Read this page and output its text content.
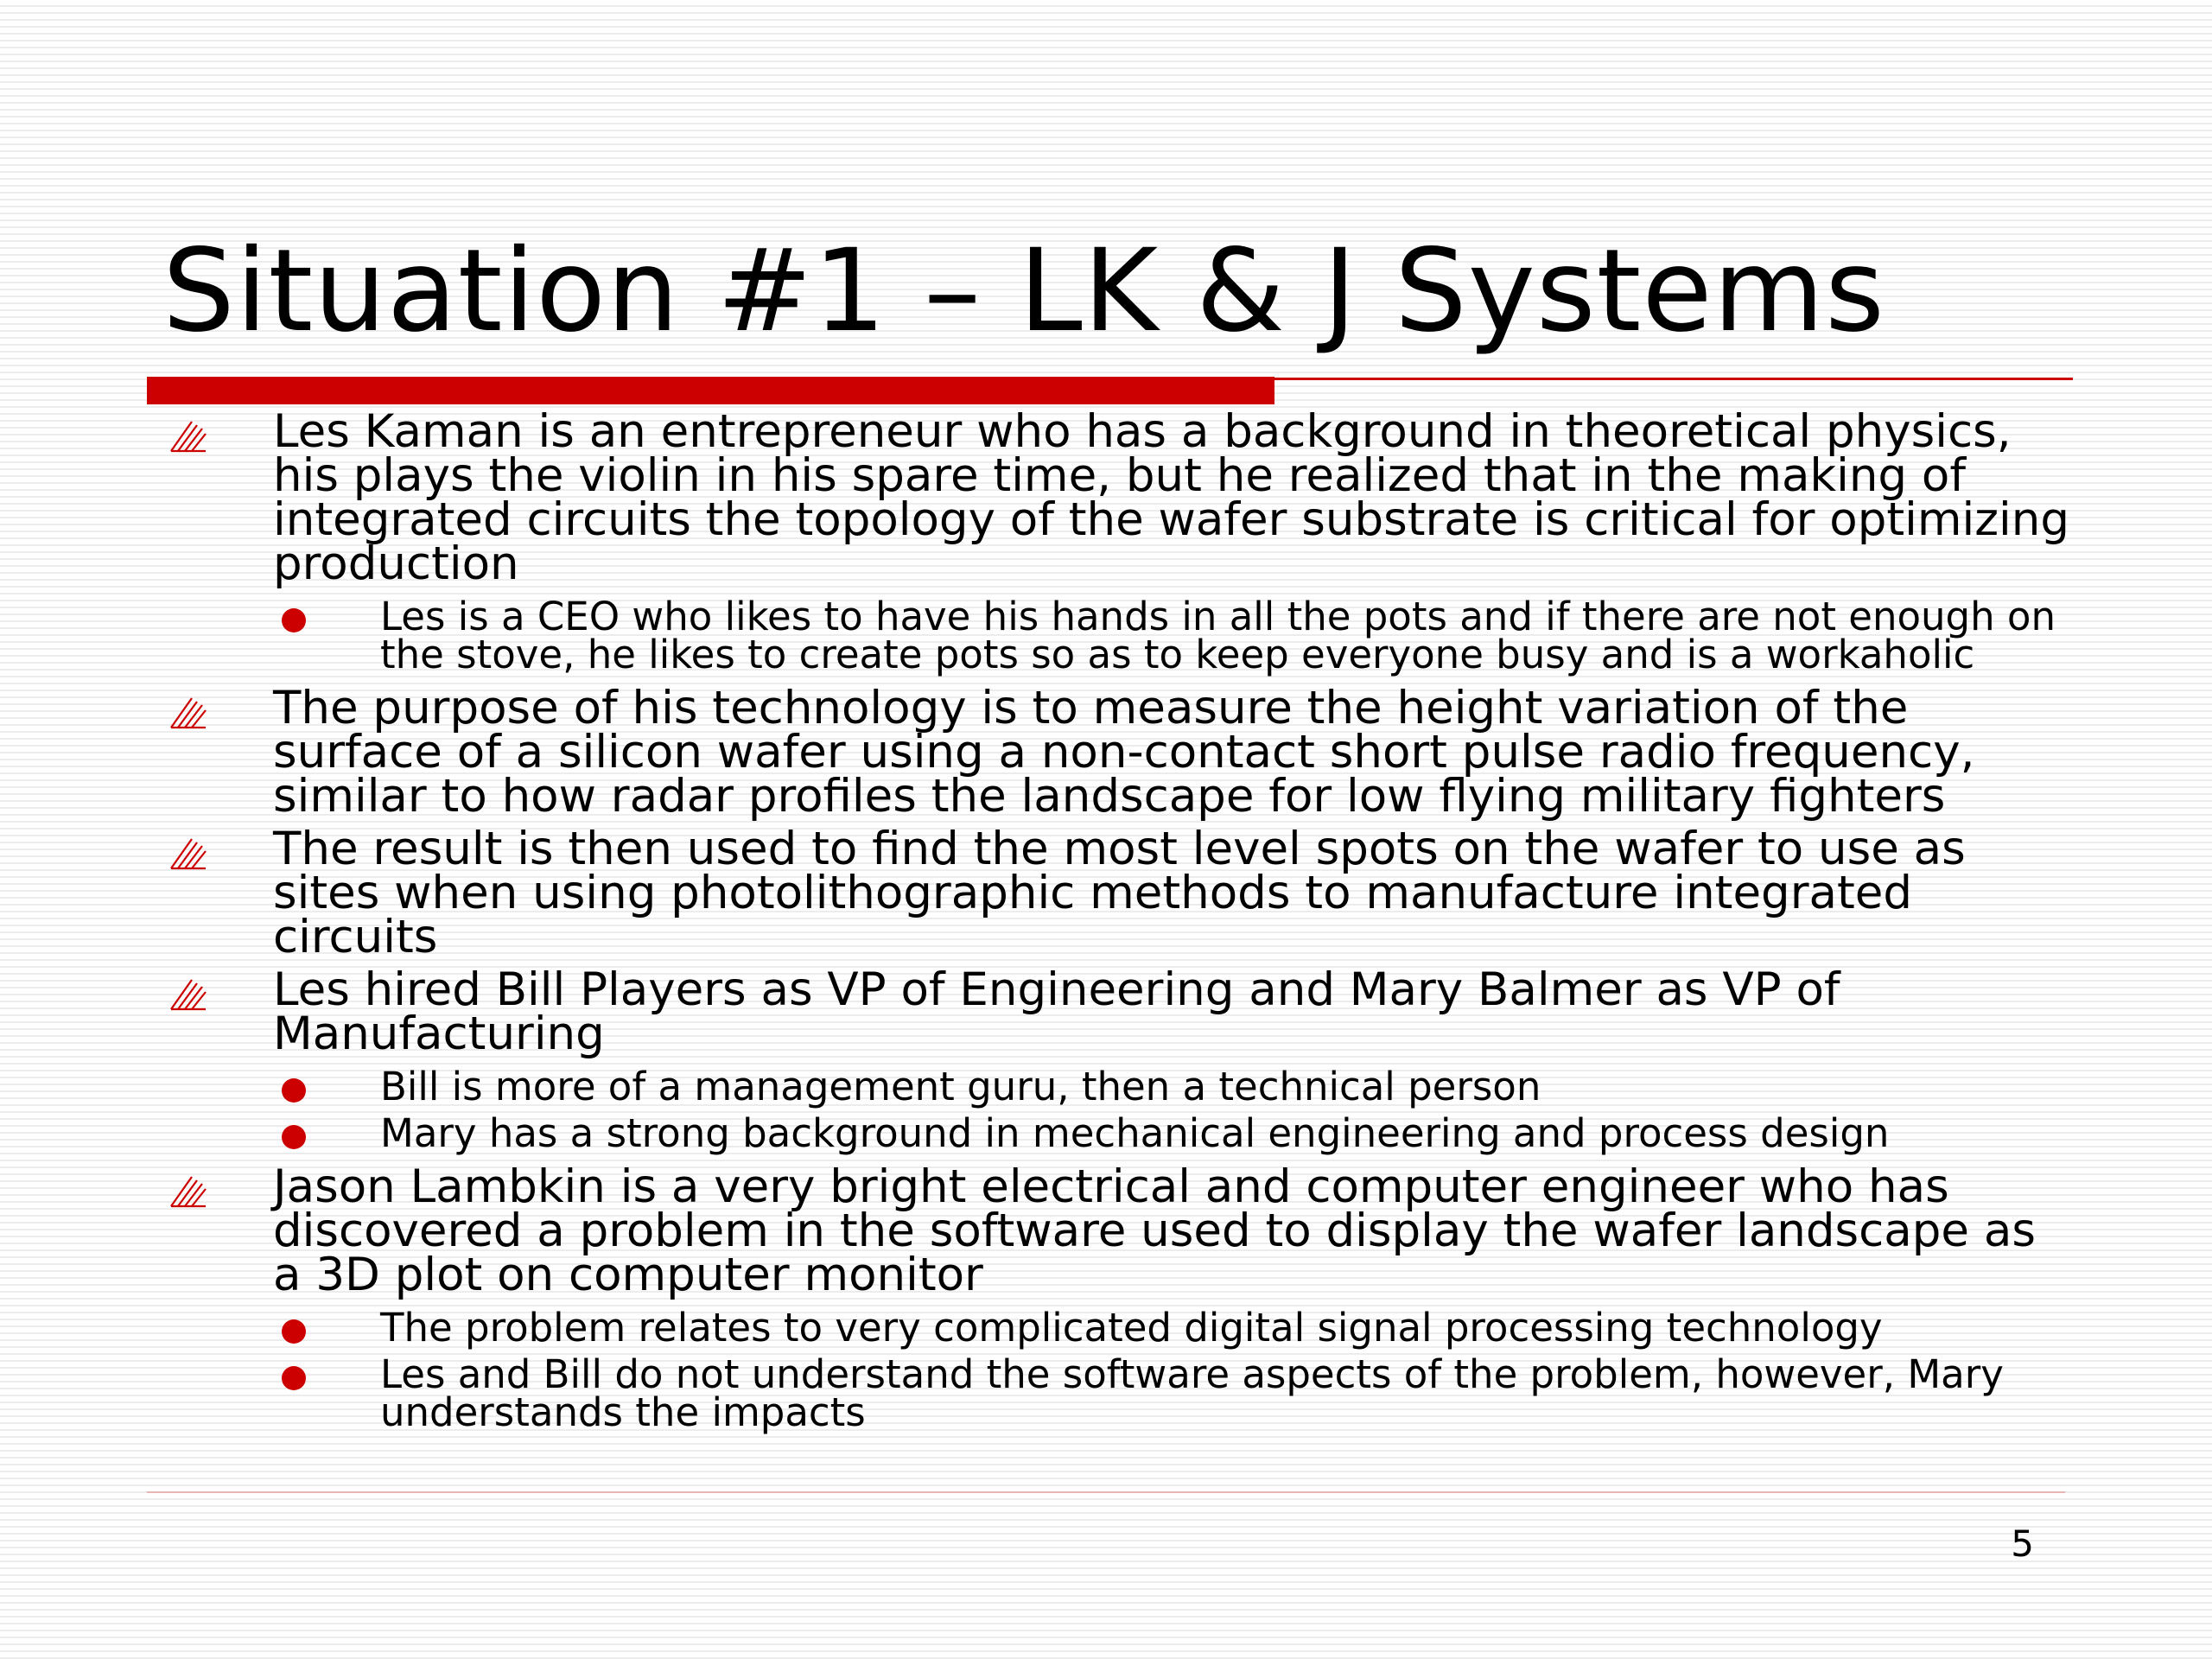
Situation #1 – LK & J Systems
Les Kaman is an entrepreneur who has a background in theoretical physics, his plays the violin in his spare time, but he realized that in the making of integrated circuits the topology of the wafer substrate is critical for optimizing production
Les is a CEO who likes to have his hands in all the pots and if there are not enough on the stove, he likes to create pots so as to keep everyone busy and is a workaholic
The purpose of his technology is to measure the height variation of the surface of a silicon wafer using a non-contact short pulse radio frequency, similar to how radar profiles the landscape for low flying military fighters
The result is then used to find the most level spots on the wafer to use as sites when using photolithographic methods to manufacture integrated circuits
Les hired Bill Players as VP of Engineering and Mary Balmer as VP of Manufacturing
Bill is more of a management guru, then a technical person
Mary has a strong background in mechanical engineering and process design
Jason Lambkin is a very bright electrical and computer engineer who has discovered a problem in the software used to display the wafer landscape as a 3D plot on computer monitor
The problem relates to very complicated digital signal processing technology
Les and Bill do not understand the software aspects of the problem, however, Mary understands the impacts
5
